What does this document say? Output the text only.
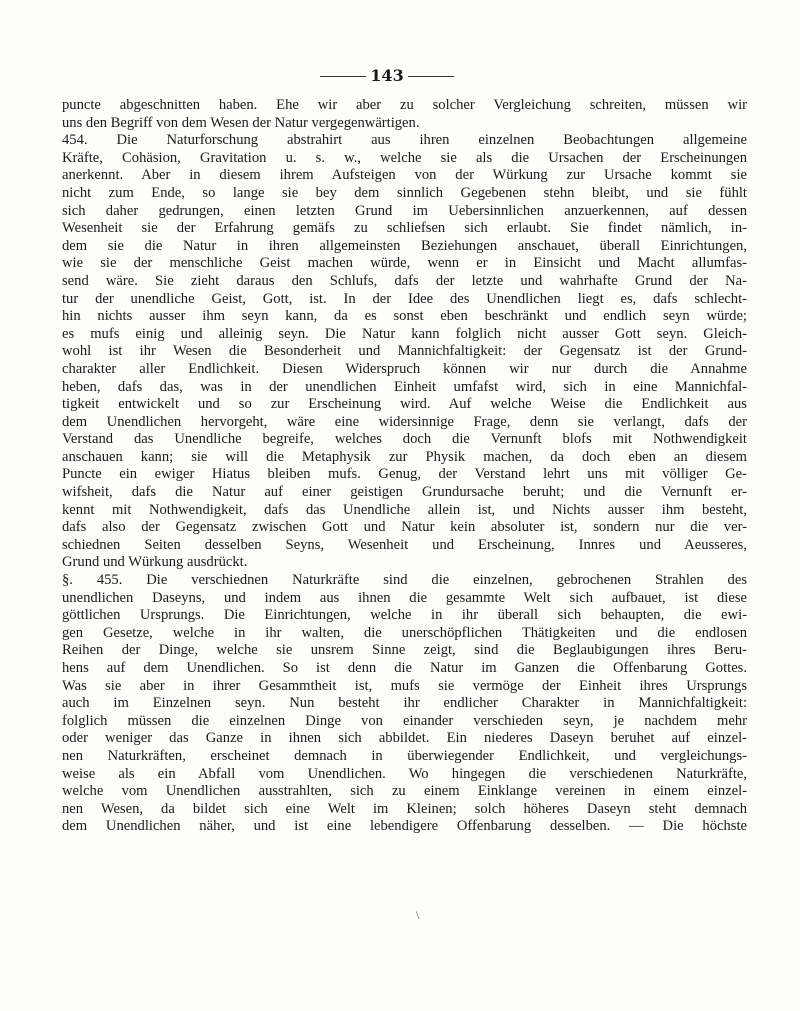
143
puncte abgeschnitten haben. Ehe wir aber zu solcher Vergleichung schreiten, müssen wir
uns den Begriff von dem Wesen der Natur vergegenwärtigen.
454. Die Naturforschung abstrahirt aus ihren einzelnen Beobachtungen allgemeine
Kräfte, Cohäsion, Gravitation u. s. w., welche sie als die Ursachen der Erscheinungen
anerkennt. Aber in diesem ihrem Aufsteigen von der Würkung zur Ursache kommt sie
nicht zum Ende, so lange sie bey dem sinnlich Gegebenen stehn bleibt, und sie fühlt
sich daher gedrungen, einen letzten Grund im Uebersinnlichen anzuerkennen, auf dessen
Wesenheit sie der Erfahrung gemäfs zu schliefsen sich erlaubt. Sie findet nämlich, in-
dem sie die Natur in ihren allgemeinsten Beziehungen anschauet, überall Einrichtungen,
wie sie der menschliche Geist machen würde, wenn er in Einsicht und Macht allumfas-
send wäre. Sie zieht daraus den Schlufs, dafs der letzte und wahrhafte Grund der Na-
tur der unendliche Geist, Gott, ist. In der Idee des Unendlichen liegt es, dafs schlecht-
hin nichts ausser ihm seyn kann, da es sonst eben beschränkt und endlich seyn würde;
es mufs einig und alleinig seyn. Die Natur kann folglich nicht ausser Gott seyn. Gleich-
wohl ist ihr Wesen die Besonderheit und Mannichfaltigkeit: der Gegensatz ist der Grund-
charakter aller Endlichkeit. Diesen Widerspruch können wir nur durch die Annahme
heben, dafs das, was in der unendlichen Einheit umfafst wird, sich in eine Mannichfal-
tigkeit entwickelt und so zur Erscheinung wird. Auf welche Weise die Endlichkeit aus
dem Unendlichen hervorgeht, wäre eine widersinnige Frage, denn sie verlangt, dafs der
Verstand das Unendliche begreife, welches doch die Vernunft blofs mit Nothwendigkeit
anschauen kann; sie will die Metaphysik zur Physik machen, da doch eben an diesem
Puncte ein ewiger Hiatus bleiben mufs. Genug, der Verstand lehrt uns mit völliger Ge-
wifsheit, dafs die Natur auf einer geistigen Grundursache beruht; und die Vernunft er-
kennt mit Nothwendigkeit, dafs das Unendliche allein ist, und Nichts ausser ihm besteht,
dafs also der Gegensatz zwischen Gott und Natur kein absoluter ist, sondern nur die ver-
schiednen Seiten desselben Seyns, Wesenheit und Erscheinung, Innres und Aeusseres,
Grund und Würkung ausdrückt.
§. 455. Die verschiednen Naturkräfte sind die einzelnen, gebrochenen Strahlen des
unendlichen Daseyns, und indem aus ihnen die gesammte Welt sich aufbauet, ist diese
göttlichen Ursprungs. Die Einrichtungen, welche in ihr überall sich behaupten, die ewi-
gen Gesetze, welche in ihr walten, die unerschöpflichen Thätigkeiten und die endlosen
Reihen der Dinge, welche sie unsrem Sinne zeigt, sind die Beglaubigungen ihres Beru-
hens auf dem Unendlichen. So ist denn die Natur im Ganzen die Offenbarung Gottes.
Was sie aber in ihrer Gesammtheit ist, mufs sie vermöge der Einheit ihres Ursprungs
auch im Einzelnen seyn. Nun besteht ihr endlicher Charakter in Mannichfaltigkeit:
folglich müssen die einzelnen Dinge von einander verschieden seyn, je nachdem mehr
oder weniger das Ganze in ihnen sich abbildet. Ein niederes Daseyn beruhet auf einzel-
nen Naturkräften, erscheinet demnach in überwiegender Endlichkeit, und vergleichungs-
weise als ein Abfall vom Unendlichen. Wo hingegen die verschiedenen Naturkräfte,
welche vom Unendlichen ausstrahlten, sich zu einem Einklange vereinen in einem einzel-
nen Wesen, da bildet sich eine Welt im Kleinen; solch höheres Daseyn steht demnach
dem Unendlichen näher, und ist eine lebendigere Offenbarung desselben. — Die höchste
\
